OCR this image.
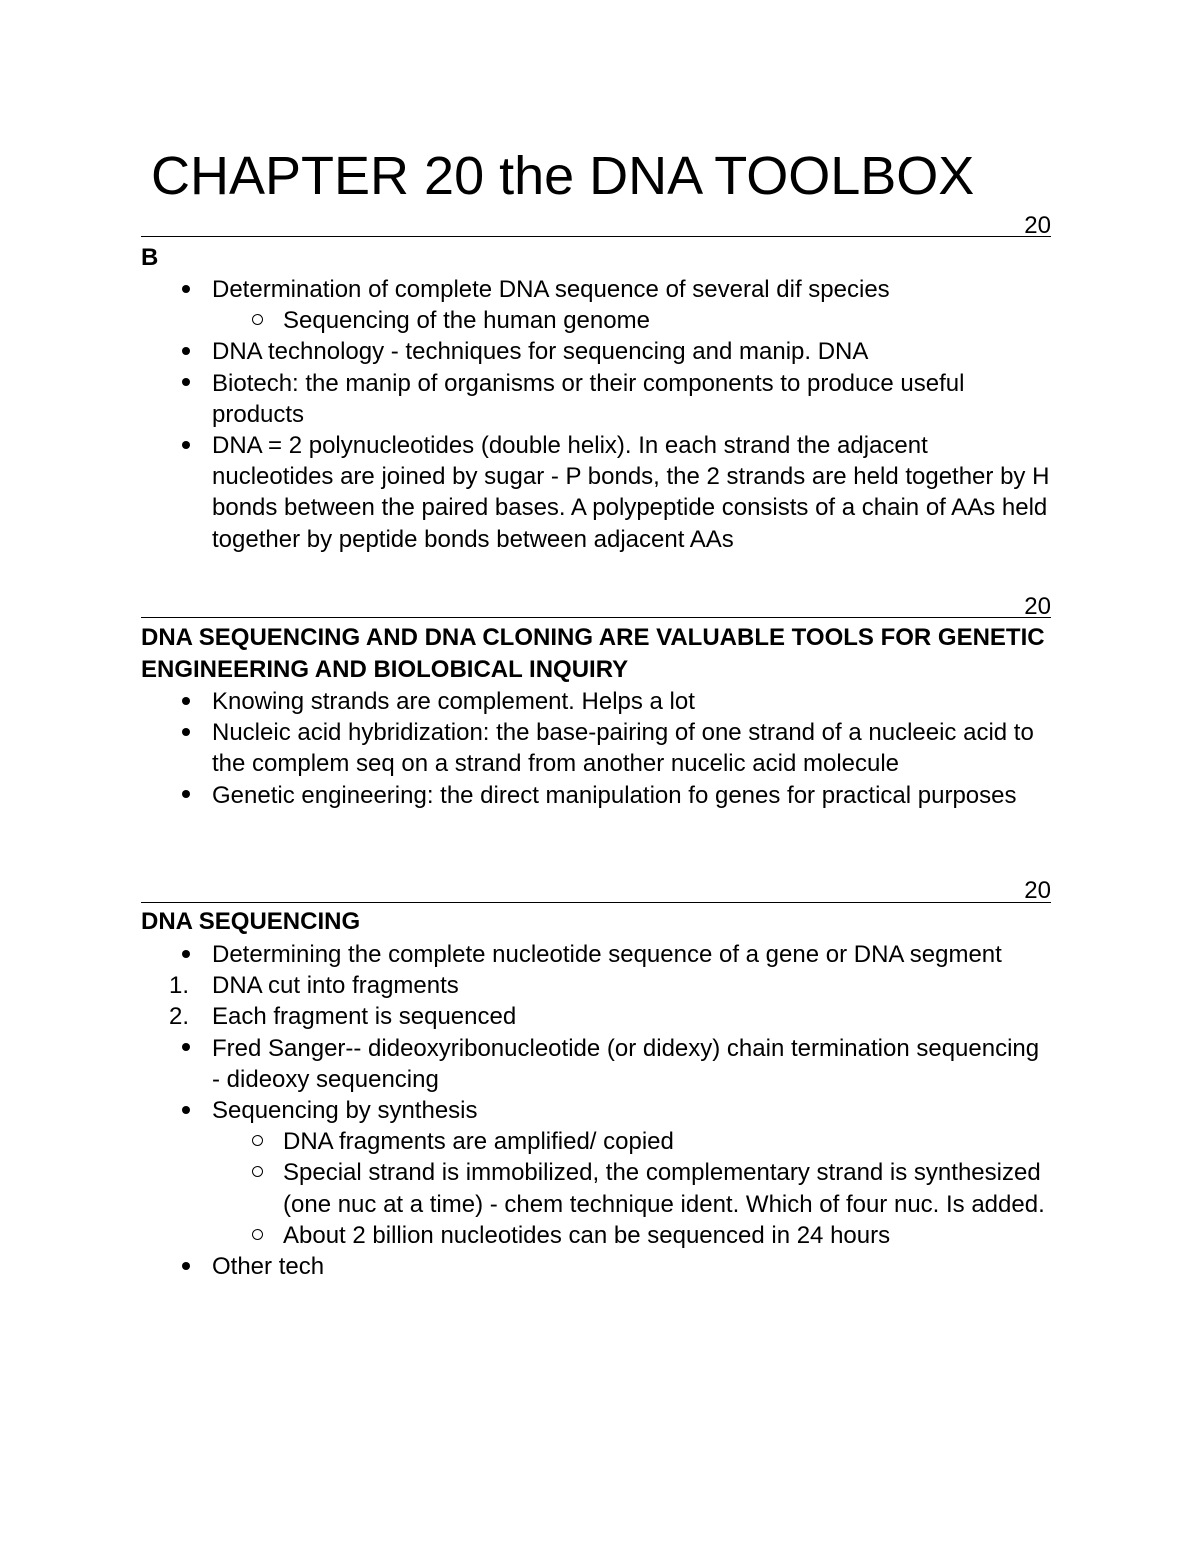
CHAPTER 20 the DNA TOOLBOX
20
B
Determination of complete DNA sequence of several dif species
Sequencing of the human genome
DNA technology - techniques for sequencing and manip. DNA
Biotech: the manip of organisms or their components to produce useful products
DNA = 2 polynucleotides (double helix). In each strand the adjacent nucleotides are joined by sugar - P bonds, the 2 strands are held together by H bonds between the paired bases. A polypeptide consists of a chain of AAs held together by peptide bonds between adjacent AAs
20
DNA SEQUENCING AND DNA CLONING ARE VALUABLE TOOLS FOR GENETIC ENGINEERING AND BIOLOBICAL INQUIRY
Knowing strands are complement. Helps a lot
Nucleic acid hybridization: the base-pairing of one strand of a nucleeic acid to the complem seq on a strand from another nucelic acid molecule
Genetic engineering: the direct manipulation fo genes for practical purposes
20
DNA SEQUENCING
Determining the complete nucleotide sequence of a gene or DNA segment
1. DNA cut into fragments
2. Each fragment is sequenced
Fred Sanger-- dideoxyribonucleotide (or didexy) chain termination sequencing - dideoxy sequencing
Sequencing by synthesis
DNA fragments are amplified/ copied
Special strand is immobilized, the complementary strand is synthesized (one nuc at a time) - chem technique ident. Which of four nuc. Is added.
About 2 billion nucleotides can be sequenced in 24 hours
Other tech
